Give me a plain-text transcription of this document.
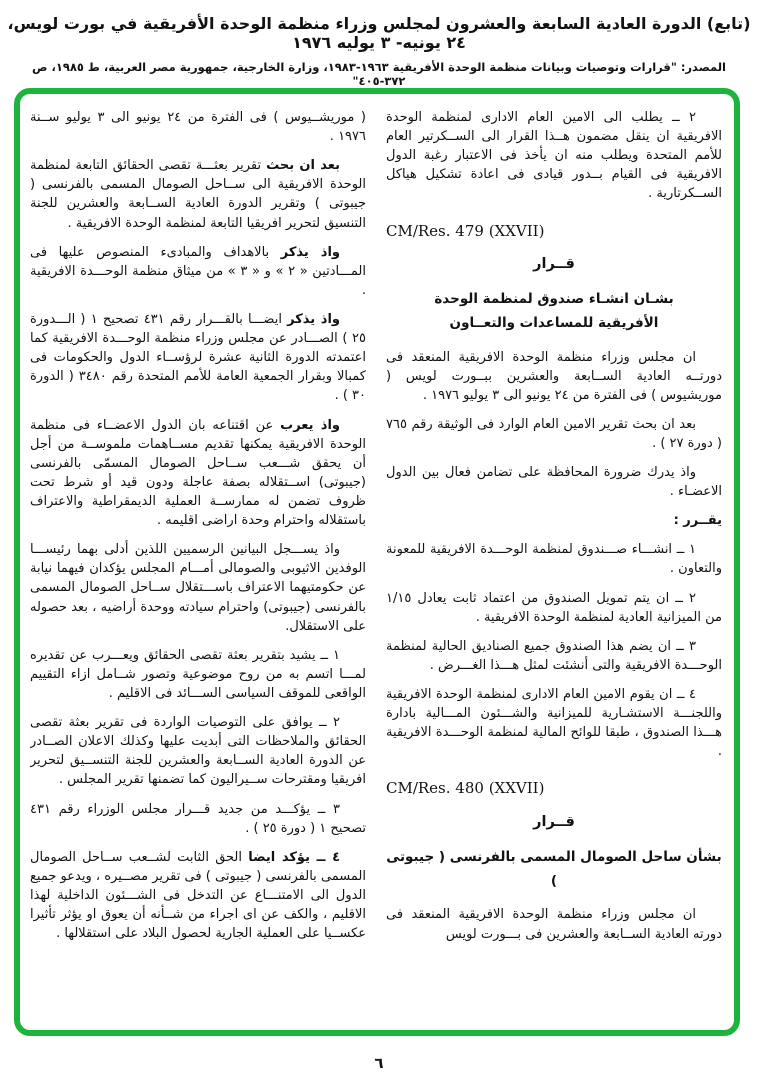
(تابع) الدورة العادية السابعة والعشرون لمجلس وزراء منظمة الوحدة الأفريقية في بورت لويس، ٢٤ يونيه- ٣ يوليه ١٩٧٦
المصدر: "قرارات وتوصيات وبيانات منظمة الوحدة الأفريقية ١٩٦٣-١٩٨٣، وزارة الخارجية، جمهورية مصر العربية، ط ١٩٨٥، ص ٣٧٢-٤٠٥"
٢ ــ يطلب الى الامين العام الادارى لمنظمة الوحدة الافريقية ان ينقل مضمون هــذا القرار الى الســكرتير العام للأمم المتحدة ويطلب منه ان يأخذ فى الاعتبار رغبة الدول الافريقية فى القيام بــدور قيادى فى اعادة تشكيل هياكل الســكرتارية .
CM/Res. 479 (XXVII)
قــرار
بشـان انشـاء صندوق لمنظمة الوحدة
الأفريقية للمساعدات والتعــاون
ان مجلس وزراء منظمة الوحدة الافريقية المنعقد فى دورتــه العادية الســابعة والعشرين ببــورت لويس ( موريشيوس ) فى الفترة من ٢٤ يونيو الى ٣ يوليو ١٩٧٦ .
بعد ان بحث تقرير الامين العام الوارد فى الوثيقة رقم ٧٦٥ ( دورة ٢٧ ) .
واذ يدرك ضرورة المحافظة على تضامن فعال بين الدول الاعضـاء .
يقــرر :
١ ــ انشـــاء صـــندوق لمنظمة الوحـــدة الافريقية للمعونة والتعاون .
٢ ــ ان يتم تمويل الصندوق من اعتماد ثابت يعادل ١/١٥ من الميزانية العادية لمنظمة الوحدة الافريقية .
٣ ــ ان يضم هذا الصندوق جميع الصناديق الحالية لمنظمة الوحـــدة الافريقية والتى أنشئت لمثل هـــذا الغـــرض .
٤ ــ ان يقوم الامين العام الادارى لمنظمة الوحدة الافريقية واللجنـــة الاستشـارية للميزانية والشـــئون المـــالية بادارة هـــذا الصندوق ، طبقا للوائح المالية لمنظمة الوحـــدة الافريقية .
CM/Res. 480 (XXVII)
قــرار
بشأن ساحل الصومال المسمى بالفرنسى ( جيبوتى )
ان مجلس وزراء منظمة الوحدة الافريقية المنعقد فى دورته العادية الســابعة والعشرين فى بـــورت لويس
( موريشــيوس ) فى الفترة من ٢٤ يونيو الى ٣ يوليو ســنة ١٩٧٦ .
بعد ان بحث تقرير بعثـــة تقصى الحقائق التابعة لمنظمة الوحدة الافريقية الى ســاحل الصومال المسمى بالفرنسى ( جيبوتى ) وتقرير الدورة العادية الســابعة والعشرين للجنة التنسيق لتحرير افريقيا التابعة لمنظمة الوحدة الافريقية .
واذ يذكر بالاهداف والمبادىء المنصوص عليها فى المـــادتين « ٢ » و « ٣ » من ميثاق منظمة الوحـــدة الافريقية .
واذ يذكر ايضـــا بالقـــرار رقم ٤٣١ تصحيح ١ ( الـــدورة ٢٥ ) الصـــادر عن مجلس وزراء منظمة الوحـــدة الافريقية كما اعتمدته الدورة الثانية عشرة لرؤســاء الدول والحكومات فى كمبالا وبقرار الجمعية العامة للأمم المتحدة رقم ٣٤٨٠ ( الدورة ٣٠ ) .
واذ يعرب عن اقتناعه بان الدول الاعضــاء فى منظمة الوحدة الافريقية يمكنها تقديم مســاهمات ملموســة من أجل أن يحقق شـــعب ســاحل الصومال المسمّى بالفرنسى (جيبوتى) اســتقلاله بصفة عاجلة ودون قيد أو شرط تحت ظروف تضمن له ممارســة العملية الديمقراطية والاعتراف باستقلاله واحترام وحدة اراضى اقليمه .
واذ يســـجل البيانين الرسميين اللذين أدلى بهما رئيســـا الوفدين الاثيوبى والصومالى أمـــام المجلس يؤكدان فيهما نيابة عن حكومتيهما الاعتراف باســـتقلال ســاحل الصومال المسمى بالفرنسى (جيبوتى) واحترام سيادته ووحدة أراضيه ، بعد حصوله على الاستقلال.
١ ــ يشيد بتقرير بعثة تقصى الحقائق ويعـــرب عن تقديره لمـــا اتسم به من روح موضوعية وتصور شــامل ازاء التقييم الواقعى للموقف السياسى الســـائد فى الاقليم .
٢ ــ يوافق على التوصيات الواردة فى تقرير بعثة تقصى الحقائق والملاحظات التى أبديت عليها وكذلك الاعلان الصــادر عن الدورة العادية الســابعة والعشرين للجنة التنســيق لتحرير افريقيا ومقترحات ســيراليون كما تضمنها تقرير المجلس .
٣ ــ يؤكـــد من جديد قـــرار مجلس الوزراء رقم ٤٣١ تصحيح ١ ( دورة ٢٥ ) .
٤ ــ يؤكد ايضا الحق الثابت لشــعب ســاحل الصومال المسمى بالفرنسى ( جيبوتى ) فى تقرير مصــيره ، ويدعو جميع الدول الى الامتنـــاع عن التدخل فى الشـــئون الداخلية لهذا الاقليم ، والكف عن اى اجراء من شــأنه أن يعوق او يؤثر تأثيرا عكســيا على العملية الجارية لحصول البلاد على استقلالها .
٦
